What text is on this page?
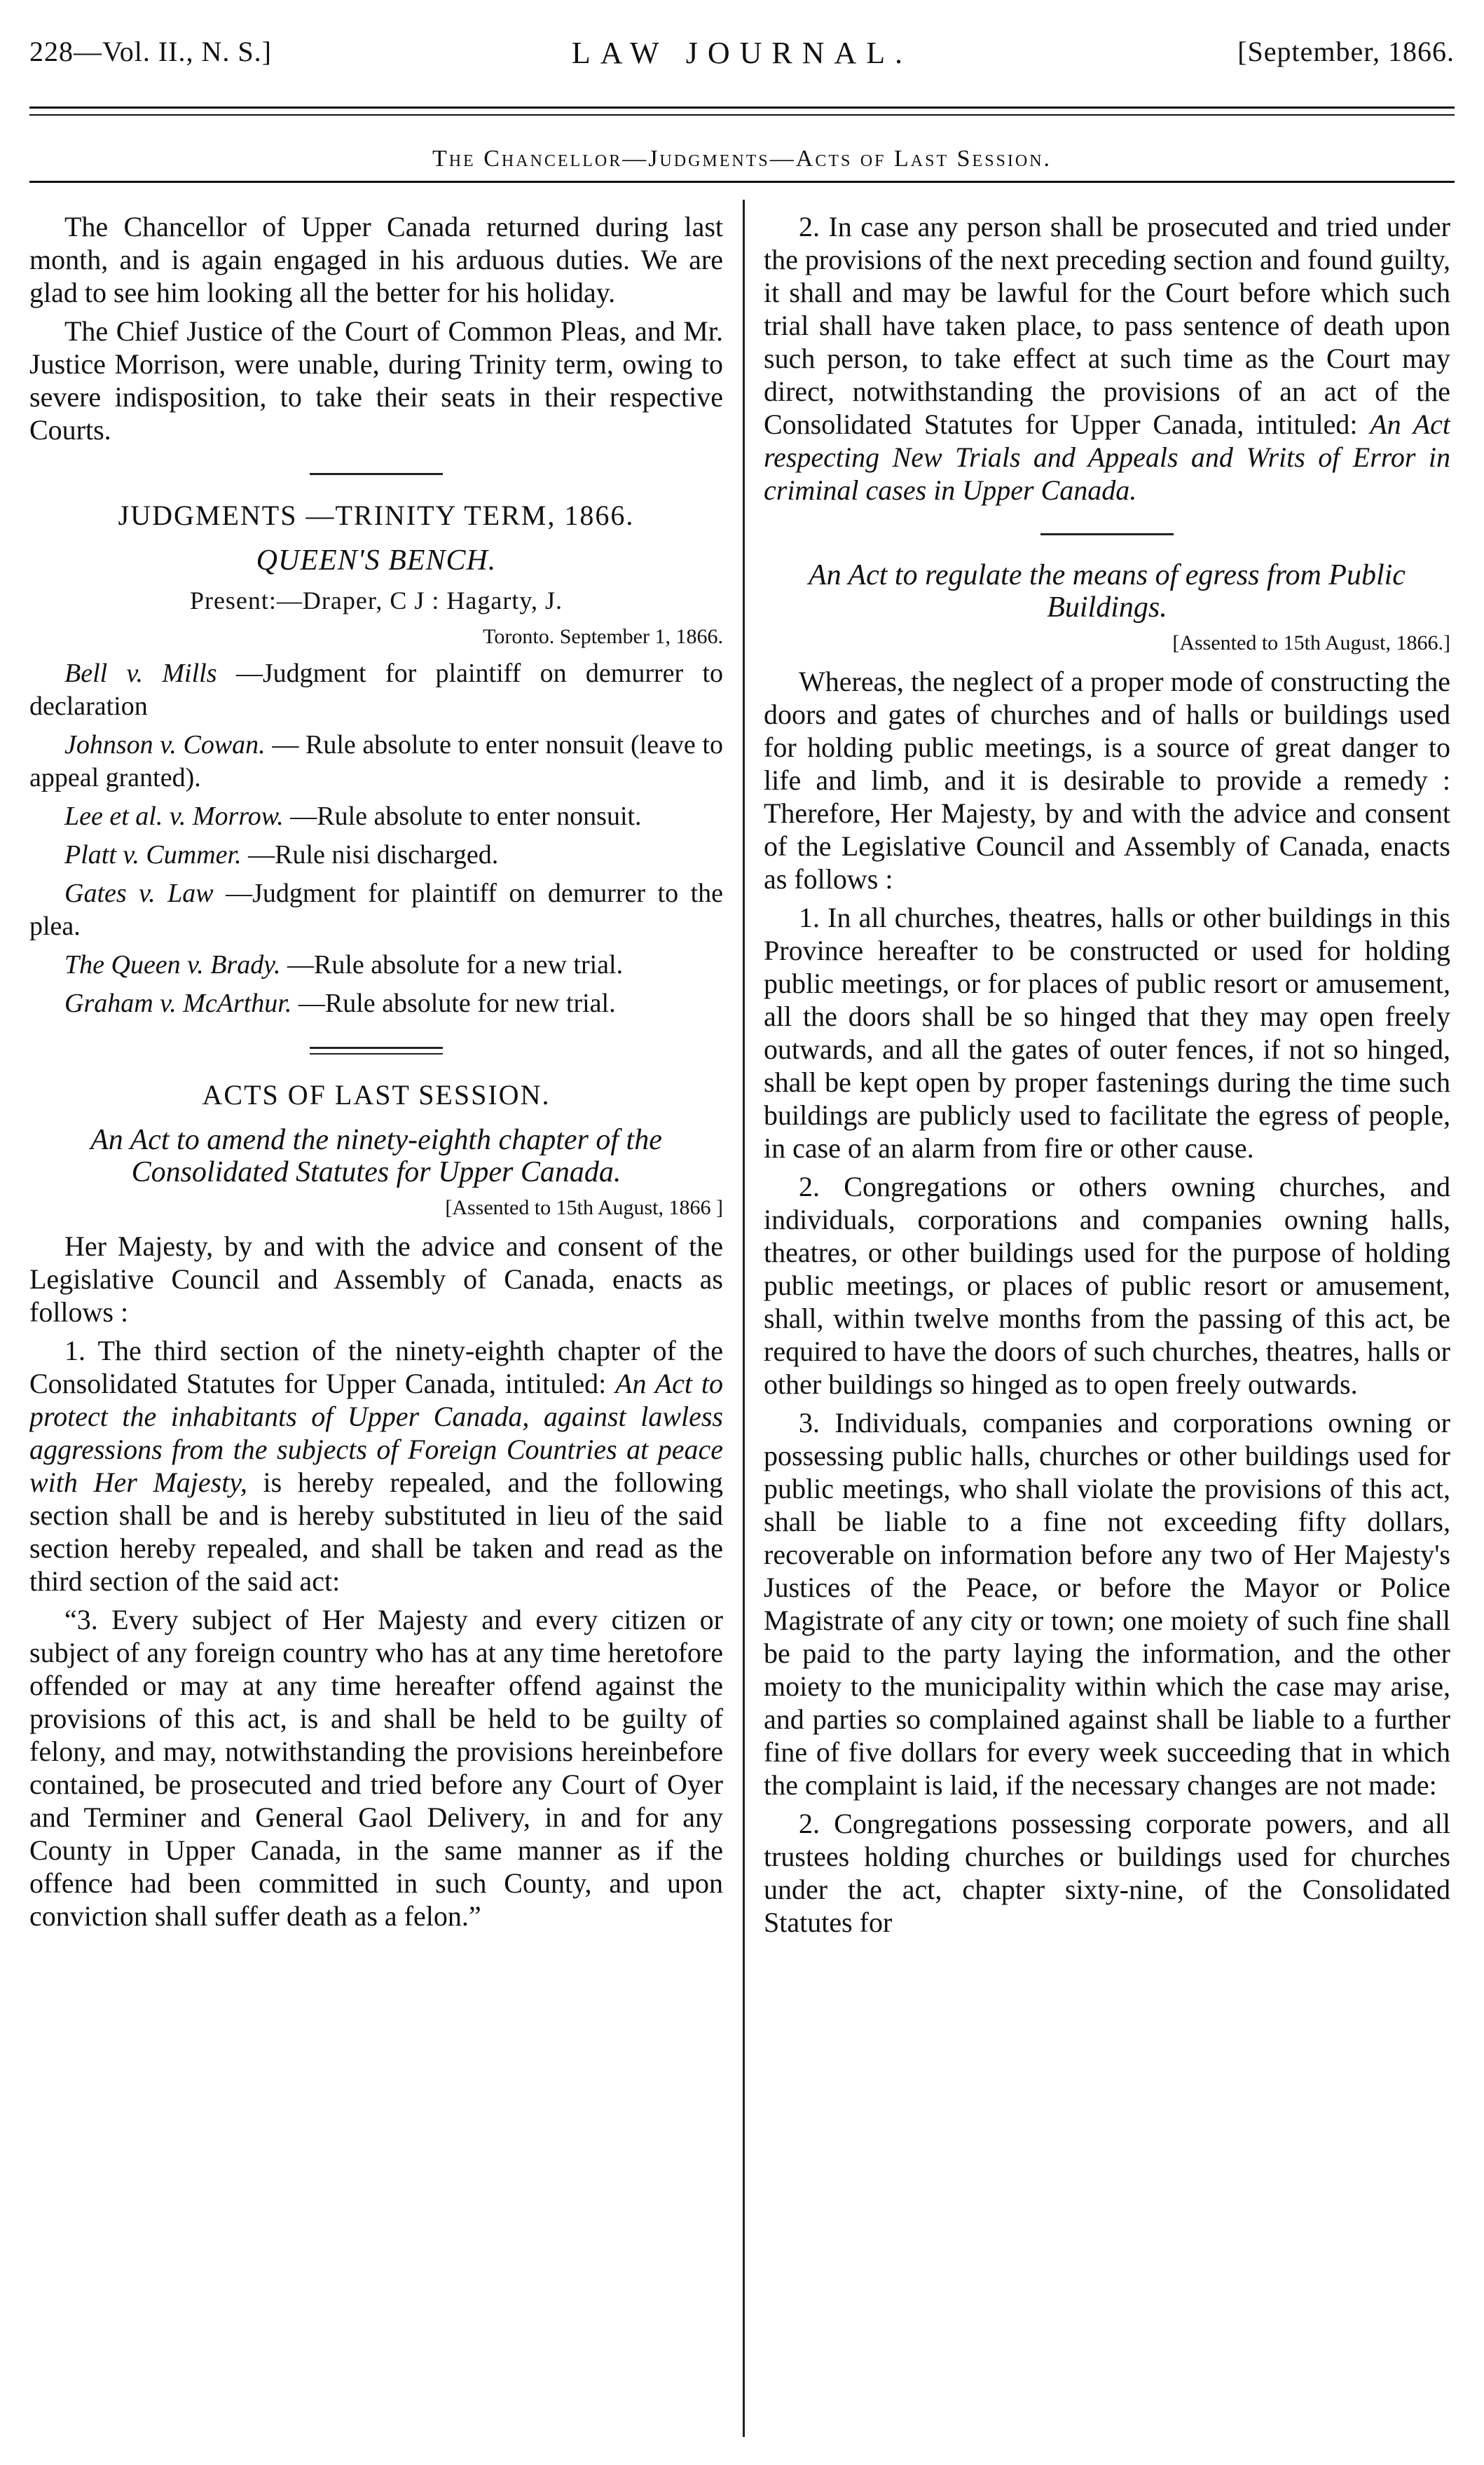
228—Vol. II., N. S.]	LAW JOURNAL.	[September, 1866.
The Chancellor—Judgments—Acts of Last Session.

The Chancellor of Upper Canada returned during last month, and is again engaged in his arduous duties. We are glad to see him looking all the better for his holiday.

The Chief Justice of the Court of Common Pleas, and Mr. Justice Morrison, were unable, during Trinity term, owing to severe indisposition, to take their seats in their respective Courts.

JUDGMENTS —TRINITY TERM, 1866.
QUEEN'S BENCH.
Present:—Draper, C J : Hagarty, J.
Toronto. September 1, 1866.

Bell v. Mills —Judgment for plaintiff on demurrer to declaration

Johnson v. Cowan. — Rule absolute to enter nonsuit (leave to appeal granted).

Lee et al. v. Morrow. —Rule absolute to enter nonsuit.

Platt v. Cummer. —Rule nisi discharged.

Gates v. Law —Judgment for plaintiff on demurrer to the plea.

The Queen v. Brady. —Rule absolute for a new trial.

Graham v. McArthur. —Rule absolute for new trial.

ACTS OF LAST SESSION.

An Act to amend the ninety-eighth chapter of the Consolidated Statutes for Upper Canada.

[Assented to 15th August, 1866 ]

Her Majesty, by and with the advice and consent of the Legislative Council and Assembly of Canada, enacts as follows :

1. The third section of the ninety-eighth chapter of the Consolidated Statutes for Upper Canada, intituled: An Act to protect the inhabitants of Upper Canada, against lawless aggressions from the subjects of Foreign Countries at peace with Her Majesty, is hereby repealed, and the following section shall be and is hereby substituted in lieu of the said section hereby repealed, and shall be taken and read as the third section of the said act:

“3. Every subject of Her Majesty and every citizen or subject of any foreign country who has at any time heretofore offended or may at any time hereafter offend against the provisions of this act, is and shall be held to be guilty of felony, and may, notwithstanding the provisions hereinbefore contained, be prosecuted and tried before any Court of Oyer and Terminer and General Gaol Delivery, in and for any County in Upper Canada, in the same manner as if the offence had been committed in such County, and upon conviction shall suffer death as a felon.”

2. In case any person shall be prosecuted and tried under the provisions of the next preceding section and found guilty, it shall and may be lawful for the Court before which such trial shall have taken place, to pass sentence of death upon such person, to take effect at such time as the Court may direct, notwithstanding the provisions of an act of the Consolidated Statutes for Upper Canada, intituled: An Act respecting New Trials and Appeals and Writs of Error in criminal cases in Upper Canada.

An Act to regulate the means of egress from Public Buildings.

[Assented to 15th August, 1866.]

Whereas, the neglect of a proper mode of constructing the doors and gates of churches and of halls or buildings used for holding public meetings, is a source of great danger to life and limb, and it is desirable to provide a remedy : Therefore, Her Majesty, by and with the advice and consent of the Legislative Council and Assembly of Canada, enacts as follows :

1. In all churches, theatres, halls or other buildings in this Province hereafter to be constructed or used for holding public meetings, or for places of public resort or amusement, all the doors shall be so hinged that they may open freely outwards, and all the gates of outer fences, if not so hinged, shall be kept open by proper fastenings during the time such buildings are publicly used to facilitate the egress of people, in case of an alarm from fire or other cause.

2. Congregations or others owning churches, and individuals, corporations and companies owning halls, theatres, or other buildings used for the purpose of holding public meetings, or places of public resort or amusement, shall, within twelve months from the passing of this act, be required to have the doors of such churches, theatres, halls or other buildings so hinged as to open freely outwards.

3. Individuals, companies and corporations owning or possessing public halls, churches or other buildings used for public meetings, who shall violate the provisions of this act, shall be liable to a fine not exceeding fifty dollars, recoverable on information before any two of Her Majesty's Justices of the Peace, or before the Mayor or Police Magistrate of any city or town; one moiety of such fine shall be paid to the party laying the information, and the other moiety to the municipality within which the case may arise, and parties so complained against shall be liable to a further fine of five dollars for every week succeeding that in which the complaint is laid, if the necessary changes are not made:

2. Congregations possessing corporate powers, and all trustees holding churches or buildings used for churches under the act, chapter sixty-nine, of the Consolidated Statutes for
